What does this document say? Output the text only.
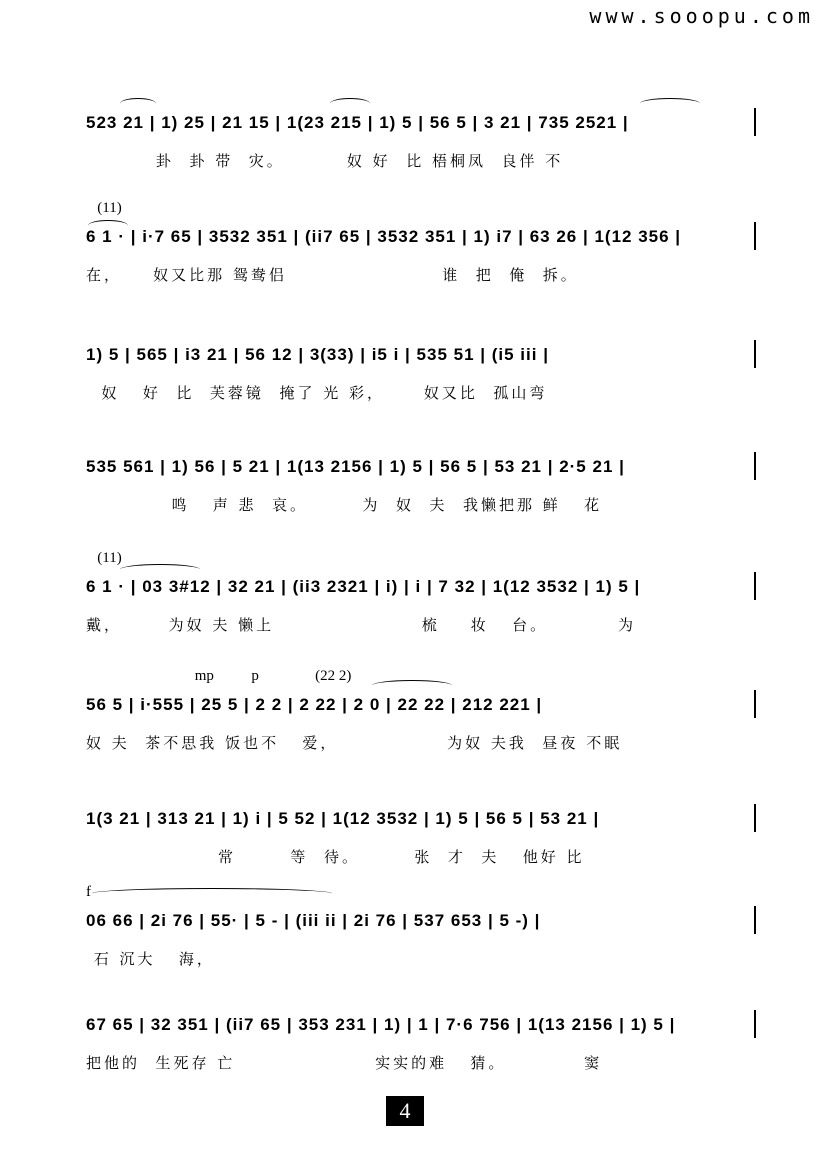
www.sooopu.com
523 21 | 1) 25 | 21 15 | 1(23 215 | 1) 5 | 56 5 | 3 21 | 735 2521 |
卦  卦 带  灾。        奴 好  比 梧桐凤  良伴 不
(11)
6 1 · | i·7 65 | 3532 351 | (ii7 65 | 3532 351 | 1) i7 | 63 26 | 1(12 356 |
在，    奴又比那 鸳鸯侣                    谁  把  俺  拆。
1) 5 | 565 | i3 21 | 56 12 | 3(33) | i5 i | 535 51 | (i5 iii |
奴   好  比  芙蓉镜  掩了 光 彩，     奴又比  孤山弯
535 561 | 1) 56 | 5 21 | 1(13 2156 | 1) 5 | 56 5 | 53 21 | 2·5 21 |
鸣   声 悲  哀。       为  奴  夫  我懒把那 鲜   花
(11)
6 1 · | 03 3#12 | 32 21 | (ii3 2321 | i) | i | 7 32 | 1(12 3532 | 1) 5 |
戴，      为奴 夫 懒上                   梳    妆   台。         为
mp          p               (22 2)
56 5 | i·555 | 25 5 | 2 2 | 2 22 | 2 0 | 22 22 | 212 221 |
奴 夫  茶不思我 饭也不   爱，              为奴 夫我  昼夜 不眠
1(3 21 | 313 21 | 1) i | 5 52 | 1(12 3532 | 1) 5 | 56 5 | 53 21 |
常       等  待。       张  才  夫   他好 比
f
06 66 | 2i 76 | 55· | 5 - | (iii ii | 2i 76 | 537 653 | 5 -) |
石 沉大   海，
67 65 | 32 351 | (ii7 65 | 353 231 | 1) | 1 | 7·6 756 | 1(13 2156 | 1) 5 |
把他的  生死存 亡                  实实的难   猜。          窦
4
